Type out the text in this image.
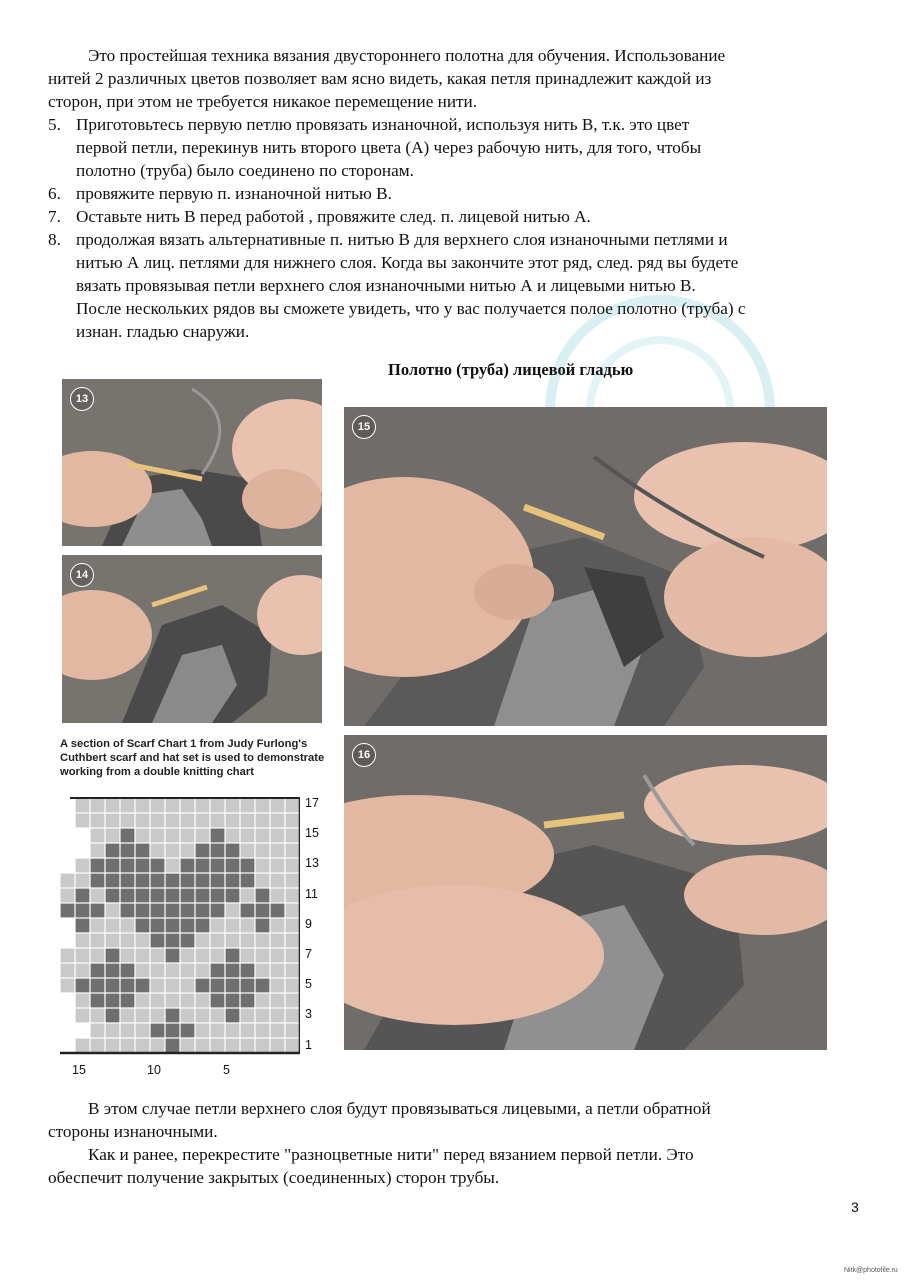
Это простейшая техника вязания двустороннего полотна для обучения. Использование
нитей 2 различных цветов позволяет вам ясно видеть, какая петля принадлежит каждой из
сторон, при этом не требуется никакое перемещение нити.
5. Приготовьтесь первую петлю провязать изнаночной, используя нить В, т.к. это цвет
первой петли, перекинув нить второго цвета (А) через рабочую нить, для того, чтобы
полотно (труба) было соединено по сторонам.
6. провяжите первую п. изнаночной нитью В.
7. Оставьте нить В перед работой , провяжите след. п. лицевой нитью А.
8. продолжая вязать альтернативные п. нитью В для верхнего слоя изнаночными петлями и
нитью А лиц. петлями для нижнего слоя. Когда вы закончите этот ряд, след. ряд вы будете
вязать провязывая петли верхнего слоя изнаночными нитью А и лицевыми нитью В.
После нескольких рядов вы сможете увидеть, что у вас получается полое полотно (труба) с
изнан. гладью снаружи.
Полотно (труба) лицевой гладью
13
14
15
16
A section of Scarf Chart 1 from Judy Furlong's
Cuthbert scarf and hat set is used to demonstrate
working from a double knitting chart
17
15
13
11
9
7
5
3
1
15	10	5
В этом случае петли верхнего слоя будут провязываться лицевыми, а петли обратной
стороны изнаночными.
Как и ранее, перекрестите "разноцветные нити" перед вязанием первой петли. Это
обеспечит получение закрытых (соединенных) сторон трубы.
3
Nitk@photofile.ru
